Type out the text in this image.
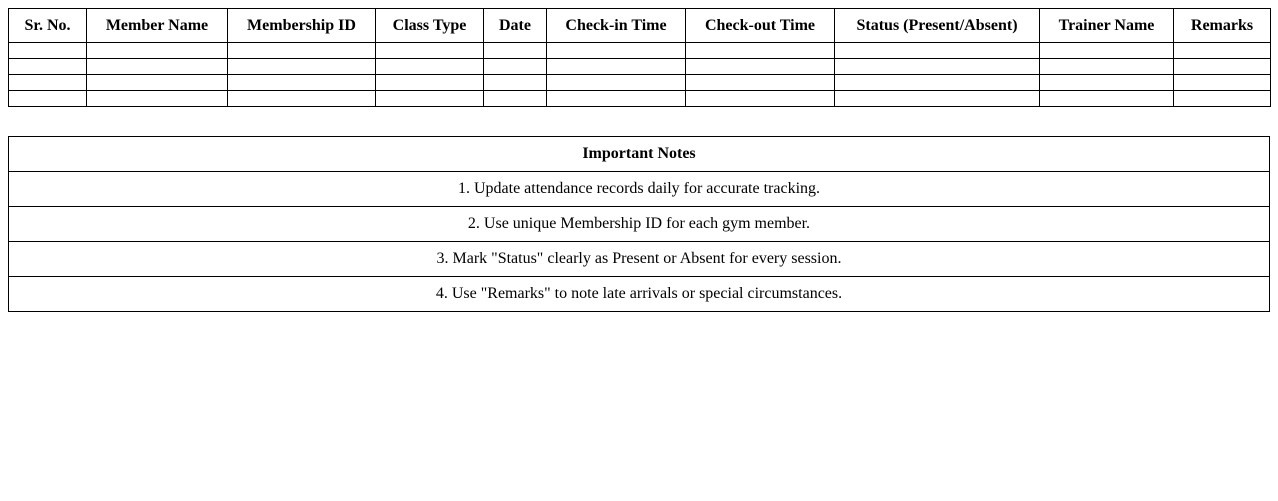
Sr. No.	Member Name	Membership ID	Class Type	Date	Check-in Time	Check-out Time	Status (Present/Absent)	Trainer Name	Remarks

Important Notes
1. Update attendance records daily for accurate tracking.
2. Use unique Membership ID for each gym member.
3. Mark "Status" clearly as Present or Absent for every session.
4. Use "Remarks" to note late arrivals or special circumstances.
